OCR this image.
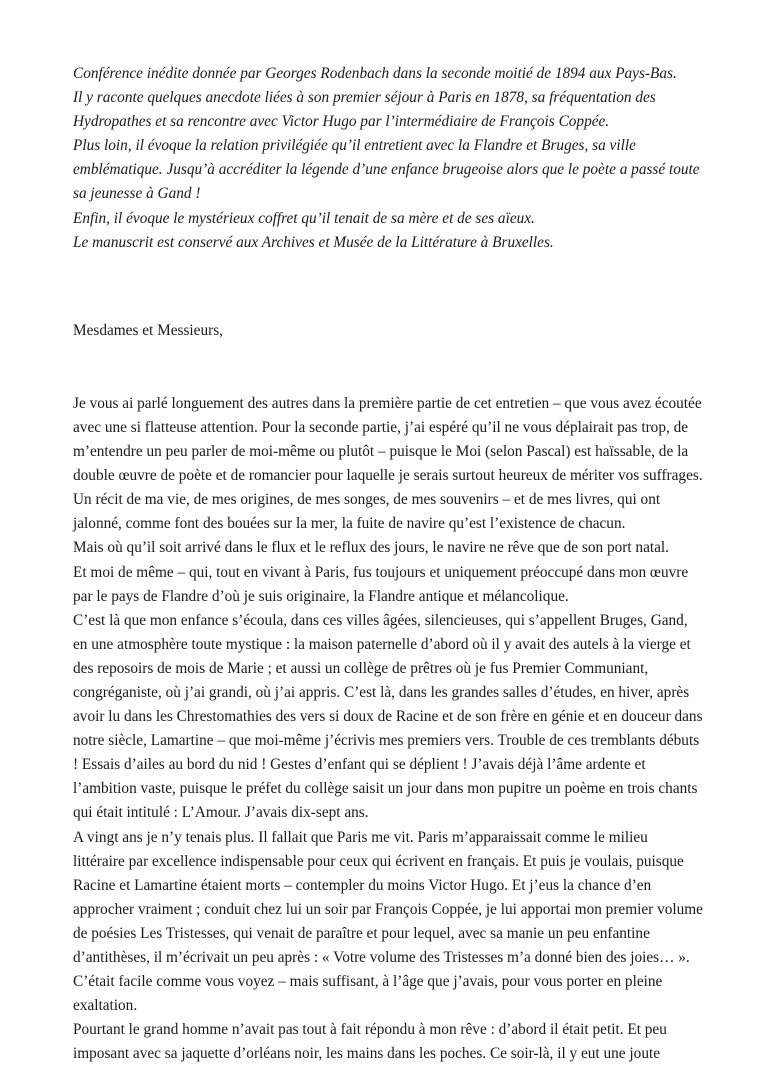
Conférence inédite donnée par Georges Rodenbach dans la seconde moitié de 1894 aux Pays-Bas.

Il y raconte quelques anecdote liées à son premier séjour à Paris en 1878, sa fréquentation des Hydropathes et sa rencontre avec Victor Hugo par l’intermédiaire de François Coppée.

Plus loin, il évoque la relation privilégiée qu’il entretient avec la Flandre et Bruges, sa ville emblématique. Jusqu’à accréditer la légende d’une enfance brugeoise alors que le poète a passé toute sa jeunesse à Gand !

Enfin, il évoque le mystérieux coffret qu’il tenait de sa mère et de ses aïeux.

Le manuscrit est conservé aux Archives et Musée de la Littérature à Bruxelles.

Mesdames et Messieurs,

Je vous ai parlé longuement des autres dans la première partie de cet entretien – que vous avez écoutée avec une si flatteuse attention. Pour la seconde partie, j’ai espéré qu’il ne vous déplairait pas trop, de m’entendre un peu parler de moi-même ou plutôt – puisque le Moi (selon Pascal) est haïssable, de la double œuvre de poète et de romancier pour laquelle je serais surtout heureux de mériter vos suffrages.

Un récit de ma vie, de mes origines, de mes songes, de mes souvenirs – et de mes livres, qui ont jalonné, comme font des bouées sur la mer, la fuite de navire qu’est l’existence de chacun.

Mais où qu’il soit arrivé dans le flux et le reflux des jours, le navire ne rêve que de son port natal.

Et moi de même – qui, tout en vivant à Paris, fus toujours et uniquement préoccupé dans mon œuvre par le pays de Flandre d’où je suis originaire, la Flandre antique et mélancolique.

C’est là que mon enfance s’écoula, dans ces villes âgées, silencieuses, qui s’appellent Bruges, Gand, en une atmosphère toute mystique : la maison paternelle d’abord où il y avait des autels à la vierge et des reposoirs de mois de Marie ; et aussi un collège de prêtres où je fus Premier Communiant, congréganiste, où j’ai grandi, où j’ai appris. C’est là, dans les grandes salles d’études, en hiver, après avoir lu dans les Chrestomathies des vers si doux de Racine et de son frère en génie et en douceur dans notre siècle, Lamartine – que moi-même j’écrivis mes premiers vers. Trouble de ces tremblants débuts ! Essais d’ailes au bord du nid ! Gestes d’enfant qui se déplient ! J’avais déjà l’âme ardente et l’ambition vaste, puisque le préfet du collège saisit un jour dans mon pupitre un poème en trois chants qui était intitulé : L’Amour. J’avais dix-sept ans.

A vingt ans je n’y tenais plus. Il fallait que Paris me vit. Paris m’apparaissait comme le milieu littéraire par excellence indispensable pour ceux qui écrivent en français. Et puis je voulais, puisque Racine et Lamartine étaient morts – contempler du moins Victor Hugo. Et j’eus la chance d’en approcher vraiment ; conduit chez lui un soir par François Coppée, je lui apportai mon premier volume de poésies Les Tristesses, qui venait de paraître et pour lequel, avec sa manie un peu enfantine d’antithèses, il m’écrivait un peu après : « Votre volume des Tristesses m’a donné bien des joies… ».

C’était facile comme vous voyez – mais suffisant, à l’âge que j’avais, pour vous porter en pleine exaltation.

Pourtant le grand homme n’avait pas tout à fait répondu à mon rêve : d’abord il était petit. Et peu imposant avec sa jaquette d’orléans noir, les mains dans les poches. Ce soir-là, il y eut une joute
